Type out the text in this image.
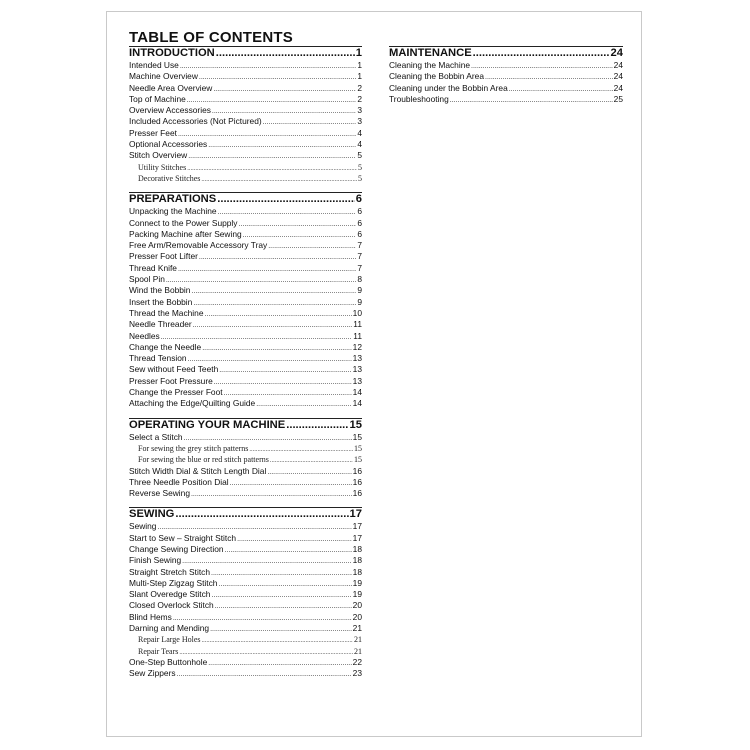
TABLE OF CONTENTS
INTRODUCTION .....	1
Intended Use .....	1
Machine Overview .....	1
Needle Area Overview .....	2
Top of Machine .....	2
Overview Accessories .....	3
Included Accessories (Not Pictured) .....	3
Presser Feet .....	4
Optional Accessories .....	4
Stitch Overview .....	5
Utility Stitches .....	5
Decorative Stitches .....	5
PREPARATIONS .....	6
Unpacking the Machine .....	6
Connect to the Power Supply .....	6
Packing Machine after Sewing .....	6
Free Arm/Removable Accessory Tray .....	7
Presser Foot Lifter .....	7
Thread Knife .....	7
Spool Pin .....	8
Wind the Bobbin .....	9
Insert the Bobbin .....	9
Thread the Machine .....	10
Needle Threader .....	11
Needles .....	11
Change the Needle .....	12
Thread Tension .....	13
Sew without Feed Teeth .....	13
Presser Foot Pressure .....	13
Change the Presser Foot .....	14
Attaching the Edge/Quilting Guide .....	14
OPERATING YOUR MACHINE .....	15
Select a Stitch .....	15
For sewing the grey stitch patterns .....	15
For sewing the blue or red stitch patterns .....	15
Stitch Width Dial & Stitch Length Dial .....	16
Three Needle Position Dial .....	16
Reverse Sewing .....	16
SEWING .....	17
Sewing .....	17
Start to Sew – Straight Stitch .....	17
Change Sewing Direction .....	18
Finish Sewing .....	18
Straight Stretch Stitch .....	18
Multi-Step Zigzag Stitch .....	19
Slant Overedge Stitch .....	19
Closed Overlock Stitch .....	20
Blind Hems .....	20
Darning and Mending .....	21
Repair Large Holes .....	21
Repair Tears .....	21
One-Step Buttonhole .....	22
Sew Zippers .....	23
MAINTENANCE .....	24
Cleaning the Machine .....	24
Cleaning the Bobbin Area .....	24
Cleaning under the Bobbin Area .....	24
Troubleshooting .....	25
